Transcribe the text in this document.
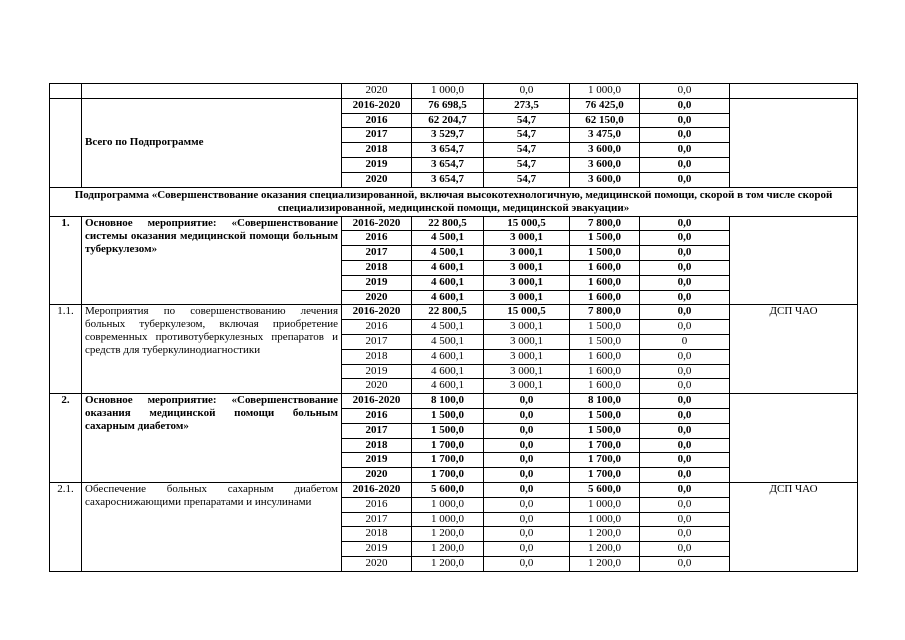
		2020	1 000,0	0,0	1 000,0	0,0	
	Всего по Подпрограмме	2016-2020	76 698,5	273,5	76 425,0	0,0	
		2016	62 204,7	54,7	62 150,0	0,0	
		2017	3 529,7	54,7	3 475,0	0,0	
		2018	3 654,7	54,7	3 600,0	0,0	
		2019	3 654,7	54,7	3 600,0	0,0	
		2020	3 654,7	54,7	3 600,0	0,0	
Подпрограмма «Совершенствование оказания специализированной, включая высокотехнологичную, медицинской помощи, скорой в том числе скорой специализированной, медицинской помощи, медицинской эвакуации»							
1.	Основное мероприятие: «Совершенствование системы оказания медицинской помощи больным туберкулезом»	2016-2020	22 800,5	15 000,5	7 800,0	0,0	
		2016	4 500,1	3 000,1	1 500,0	0,0	
		2017	4 500,1	3 000,1	1 500,0	0,0	
		2018	4 600,1	3 000,1	1 600,0	0,0	
		2019	4 600,1	3 000,1	1 600,0	0,0	
		2020	4 600,1	3 000,1	1 600,0	0,0	
1.1.	Мероприятия по совершенствованию лечения больных туберкулезом, включая приобретение современных противотуберкулезных препаратов и средств для туберкулинодиагностики	2016-2020	22 800,5	15 000,5	7 800,0	0,0	ДСП ЧАО
		2016	4 500,1	3 000,1	1 500,0	0,0	
		2017	4 500,1	3 000,1	1 500,0	0	
		2018	4 600,1	3 000,1	1 600,0	0,0	
		2019	4 600,1	3 000,1	1 600,0	0,0	
		2020	4 600,1	3 000,1	1 600,0	0,0	
2.	Основное мероприятие: «Совершенствование оказания медицинской помощи больным сахарным диабетом»	2016-2020	8 100,0	0,0	8 100,0	0,0	
		2016	1 500,0	0,0	1 500,0	0,0	
		2017	1 500,0	0,0	1 500,0	0,0	
		2018	1 700,0	0,0	1 700,0	0,0	
		2019	1 700,0	0,0	1 700,0	0,0	
		2020	1 700,0	0,0	1 700,0	0,0	
2.1.	Обеспечение больных сахарным диабетом сахароснижающими препаратами и инсулинами	2016-2020	5 600,0	0,0	5 600,0	0,0	ДСП ЧАО
		2016	1 000,0	0,0	1 000,0	0,0	
		2017	1 000,0	0,0	1 000,0	0,0	
		2018	1 200,0	0,0	1 200,0	0,0	
		2019	1 200,0	0,0	1 200,0	0,0	
		2020	1 200,0	0,0	1 200,0	0,0	
